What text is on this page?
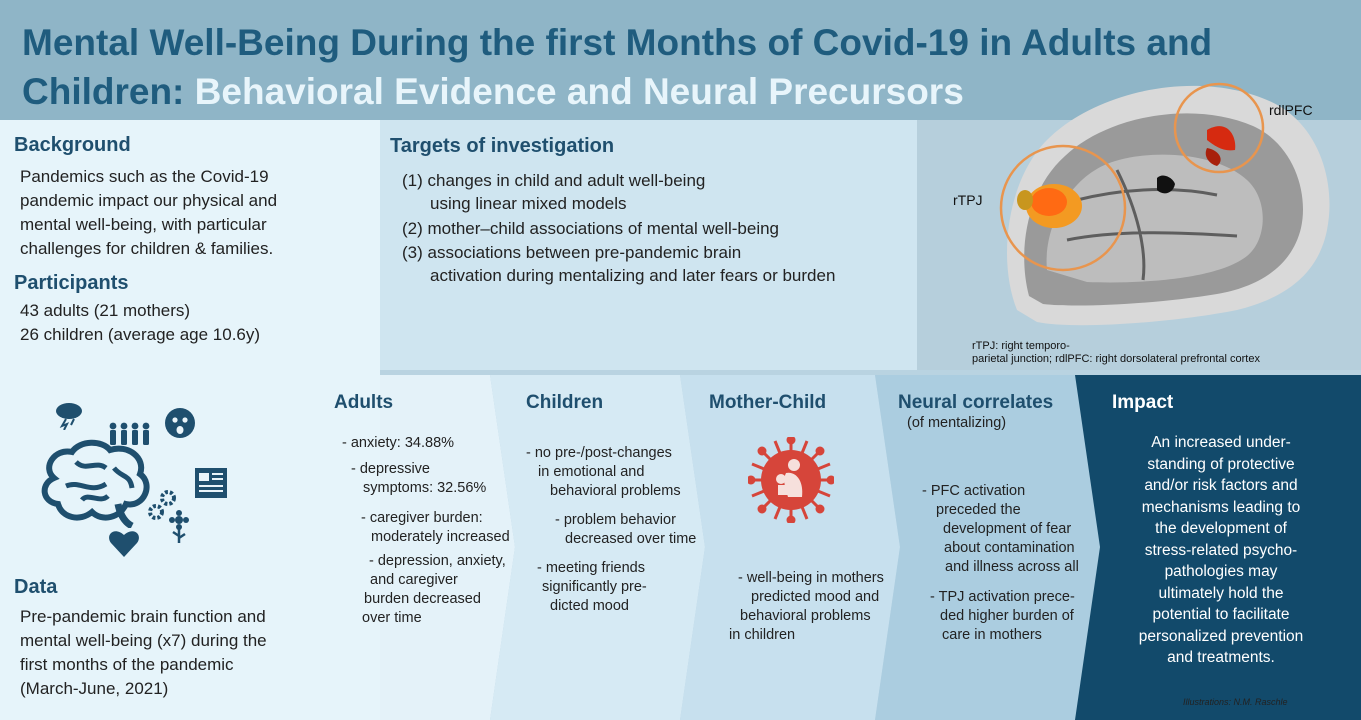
Mental Well-Being During the first Months of Covid-19 in Adults and Children: Behavioral Evidence and Neural Precursors
Background
Pandemics such as the Covid-19
pandemic impact our physical and
mental well-being, with particular
challenges for children & families.
Participants
43 adults (21 mothers)
26 children (average age 10.6y)
Data
Pre-pandemic brain function and
mental well-being (x7) during the
first months of the pandemic
(March-June, 2021)
Targets of investigation
(1) changes in child and adult well-being
using linear mixed models
(2) mother–child associations of mental well-being
(3) associations between pre-pandemic brain
activation during mentalizing and later fears or burden
rdlPFC
rTPJ
rTPJ: right temporo-
parietal junction; rdlPFC: right dorsolateral prefrontal cortex
Adults
- anxiety: 34.88%
- depressive
symptoms: 32.56%
- caregiver burden:
moderately increased
- depression, anxiety,
and caregiver
burden decreased
over time
Children
- no pre-/post-changes
in emotional and
behavioral problems
- problem behavior
decreased over time
- meeting friends
significantly pre-
dicted mood
Mother-Child
- well-being in mothers
predicted mood and
behavioral problems
in children
Neural correlates
(of mentalizing)
- PFC activation
preceded the
development of fear
about contamination
and illness across all
- TPJ activation prece-
ded higher burden of
care in mothers
Impact
An increased under-
standing of protective
and/or risk factors and
mechanisms leading to
the development of
stress-related psycho-
pathologies may
ultimately hold the
potential to facilitate
personalized prevention
and treatments.
Illustrations: N.M. Raschle
